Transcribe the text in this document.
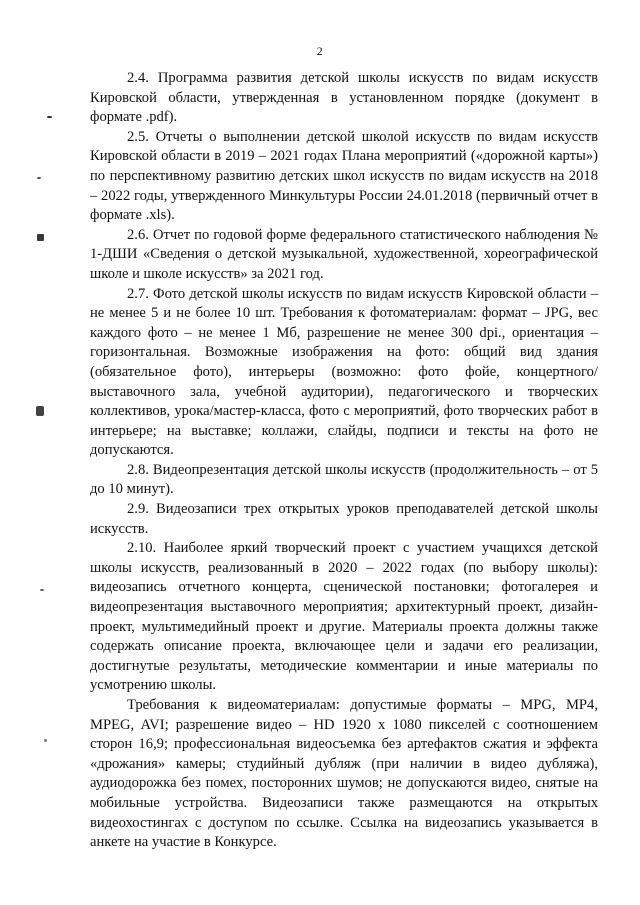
2

2.4. Программа развития детской школы искусств по видам искусств Кировской области, утвержденная в установленном порядке (документ в формате .pdf).

2.5. Отчеты о выполнении детской школой искусств по видам искусств Кировской области в 2019 – 2021 годах Плана мероприятий («дорожной карты») по перспективному развитию детских школ искусств по видам искусств на 2018 – 2022 годы, утвержденного Минкультуры России 24.01.2018 (первичный отчет в формате .xls).

2.6. Отчет по годовой форме федерального статистического наблюдения № 1-ДШИ «Сведения о детской музыкальной, художественной, хореографической школе и школе искусств» за 2021 год.

2.7. Фото детской школы искусств по видам искусств Кировской области – не менее 5 и не более 10 шт. Требования к фотоматериалам: формат – JPG, вес каждого фото – не менее 1 Мб, разрешение не менее 300 dpi., ориентация – горизонтальная. Возможные изображения на фото: общий вид здания (обязательное фото), интерьеры (возможно: фото фойе, концертного/выставочного зала, учебной аудитории), педагогического и творческих коллективов, урока/мастер-класса, фото с мероприятий, фото творческих работ в интерьере; на выставке; коллажи, слайды, подписи и тексты на фото не допускаются.

2.8. Видеопрезентация детской школы искусств (продолжительность – от 5 до 10 минут).

2.9. Видеозаписи трех открытых уроков преподавателей детской школы искусств.

2.10. Наиболее яркий творческий проект с участием учащихся детской школы искусств, реализованный в 2020 – 2022 годах (по выбору школы): видеозапись отчетного концерта, сценической постановки; фотогалерея и видеопрезентация выставочного мероприятия; архитектурный проект, дизайн-проект, мультимедийный проект и другие. Материалы проекта должны также содержать описание проекта, включающее цели и задачи его реализации, достигнутые результаты, методические комментарии и иные материалы по усмотрению школы.

Требования к видеоматериалам: допустимые форматы – MPG, MP4, MPEG, AVI; разрешение видео – HD 1920 x 1080 пикселей с соотношением сторон 16,9; профессиональная видеосъемка без артефактов сжатия и эффекта «дрожания» камеры; студийный дубляж (при наличии в видео дубляжа), аудиодорожка без помех, посторонних шумов; не допускаются видео, снятые на мобильные устройства. Видеозаписи также размещаются на открытых видеохостингах с доступом по ссылке. Ссылка на видеозапись указывается в анкете на участие в Конкурсе.
